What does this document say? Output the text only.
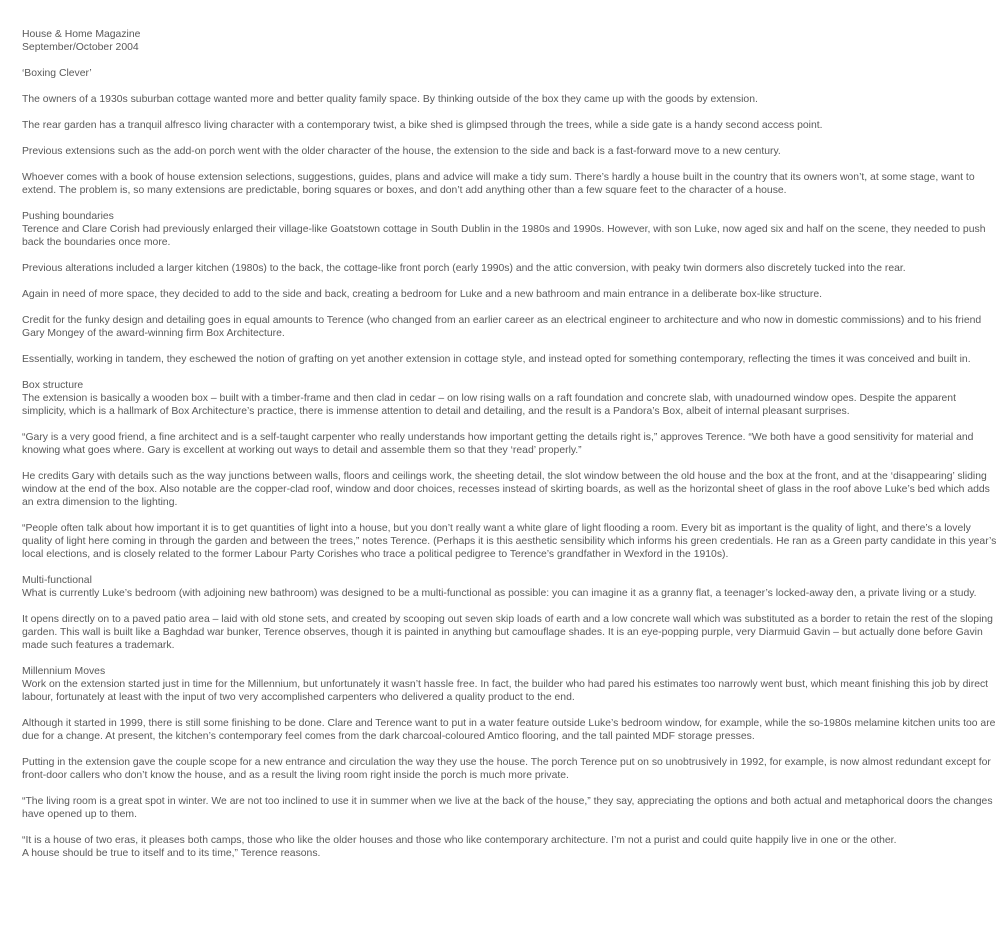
House & Home Magazine
September/October 2004

‘Boxing Clever’

The owners of a 1930s suburban cottage wanted more and better quality family space. By thinking outside of the box they came up with the goods by extension.

The rear garden has a tranquil alfresco living character with a contemporary twist, a bike shed is glimpsed through the trees, while a side gate is a handy second access point.

Previous extensions such as the add-on porch went with the older character of the house, the extension to the side and back is a fast-forward move to a new century.

Whoever comes with a book of house extension selections, suggestions, guides, plans and advice will make a tidy sum. There’s hardly a house built in the country that its owners won’t, at some stage, want to extend. The problem is, so many extensions are predictable, boring squares or boxes, and don’t add anything other than a few square feet to the character of a house.

Pushing boundaries
Terence and Clare Corish had previously enlarged their village-like Goatstown cottage in South Dublin in the 1980s and 1990s. However, with son Luke, now aged six and half on the scene, they needed to push back the boundaries once more.

Previous alterations included a larger kitchen (1980s) to the back, the cottage-like front porch (early 1990s) and the attic conversion, with peaky twin dormers also discretely tucked into the rear.

Again in need of more space, they decided to add to the side and back, creating a bedroom for Luke and a new bathroom and main entrance in a deliberate box-like structure.

Credit for the funky design and detailing goes in equal amounts to Terence (who changed from an earlier career as an electrical engineer to architecture and who now in domestic commissions) and to his friend Gary Mongey of the award-winning firm Box Architecture.

Essentially, working in tandem, they eschewed the notion of grafting on yet another extension in cottage style, and instead opted for something contemporary, reflecting the times it was conceived and built in.

Box structure
The extension is basically a wooden box – built with a timber-frame and then clad in cedar – on low rising walls on a raft foundation and concrete slab, with unadourned window opes. Despite the apparent simplicity, which is a hallmark of Box Architecture’s practice, there is immense attention to detail and detailing, and the result is a Pandora’s Box, albeit of internal pleasant surprises.

“Gary is a very good friend, a fine architect and is a self-taught carpenter who really understands how important getting the details right is,” approves Terence. “We both have a good sensitivity for material and knowing what goes where. Gary is excellent at working out ways to detail and assemble them so that they ‘read’ properly.”

He credits Gary with details such as the way junctions between walls, floors and ceilings work, the sheeting detail, the slot window between the old house and the box at the front, and at the ‘disappearing’ sliding window at the end of the box. Also notable are the copper-clad roof, window and door choices, recesses instead of skirting boards, as well as the horizontal sheet of glass in the roof above Luke’s bed which adds an extra dimension to the lighting.

“People often talk about how important it is to get quantities of light into a house, but you don’t really want a white glare of light flooding a room. Every bit as important is the quality of light, and there’s a lovely quality of light here coming in through the garden and between the trees,” notes Terence. (Perhaps it is this aesthetic sensibility which informs his green credentials. He ran as a Green party candidate in this year’s local elections, and is closely related to the former Labour Party Corishes who trace a political pedigree to Terence’s grandfather in Wexford in the 1910s).

Multi-functional
What is currently Luke’s bedroom (with adjoining new bathroom) was designed to be a multi-functional as possible: you can imagine it as a granny flat, a teenager’s locked-away den, a private living or a study.

It opens directly on to a paved patio area – laid with old stone sets, and created by scooping out seven skip loads of earth and a low concrete wall which was substituted as a border to retain the rest of the sloping garden. This wall is built like a Baghdad war bunker, Terence observes, though it is painted in anything but camouflage shades. It is an eye-popping purple, very Diarmuid Gavin – but actually done before Gavin made such features a trademark.

Millennium Moves
Work on the extension started just in time for the Millennium, but unfortunately it wasn’t hassle free. In fact, the builder who had pared his estimates too narrowly went bust, which meant finishing this job by direct labour, fortunately at least with the input of two very accomplished carpenters who delivered a quality product to the end.

Although it started in 1999, there is still some finishing to be done. Clare and Terence want to put in a water feature outside Luke’s bedroom window, for example, while the so-1980s melamine kitchen units too are due for a change. At present, the kitchen’s contemporary feel comes from the dark charcoal-coloured Amtico flooring, and the tall painted MDF storage presses.

Putting in the extension gave the couple scope for a new entrance and circulation the way they use the house. The porch Terence put on so unobtrusively in 1992, for example, is now almost redundant except for front-door callers who don’t know the house, and as a result the living room right inside the porch is much more private.

“The living room is a great spot in winter. We are not too inclined to use it in summer when we live at the back of the house,” they say, appreciating the options and both actual and metaphorical doors the changes have opened up to them.

“It is a house of two eras, it pleases both camps, those who like the older houses and those who like contemporary architecture. I’m not a purist and could quite happily live in one or the other.
A house should be true to itself and to its time,” Terence reasons.
